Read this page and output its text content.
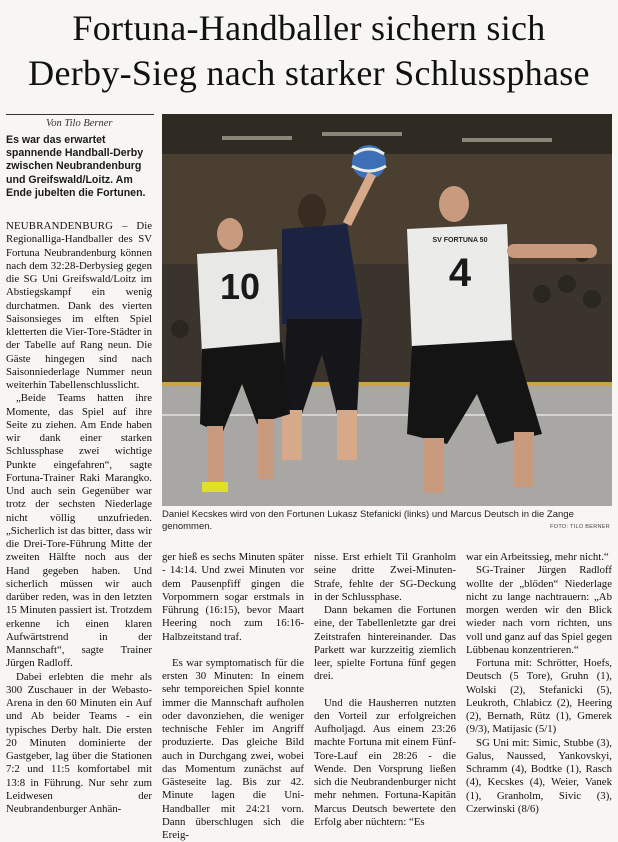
Fortuna-Handballer sichern sich
Derby-Sieg nach starker Schlussphase
Von Tilo Berner
Es war das erwartet spannende Handball-Derby zwischen Neubrandenburg und Greifswald/Loitz. Am Ende jubelten die Fortunen.
10	4
SV FORTUNA 50
Daniel Kecskes wird von den Fortunen Lukasz Stefanicki (links) und Marcus Deutsch in die Zange genommen.	FOTO: TILO BERNER

NEUBRANDENBURG – Die Regionalliga-Handballer des SV Fortuna Neubrandenburg können nach dem 32:28-Derbysieg gegen die SG Uni Greifswald/Loitz im Abstiegskampf ein wenig durchatmen. Dank des vierten Saisonsieges im elften Spiel kletterten die Vier-Tore-Städter in der Tabelle auf Rang neun. Die Gäste hingegen sind nach Saisonniederlage Nummer neun weiterhin Tabellenschlusslicht.

„Beide Teams hatten ihre Momente, das Spiel auf ihre Seite zu ziehen. Am Ende haben wir dank einer starken Schlussphase zwei wichtige Punkte eingefahren“, sagte Fortuna-Trainer Raki Marangko. Und auch sein Gegenüber war trotz der sechsten Niederlage nicht völlig unzufrieden. „Sicherlich ist das bitter, dass wir die Drei-Tore-Führung Mitte der zweiten Hälfte noch aus der Hand gegeben haben. Und sicherlich müssen wir auch darüber reden, was in den letzten 15 Minuten passiert ist. Trotzdem erkenne ich einen klaren Aufwärtstrend in der Mannschaft“, sagte Trainer Jürgen Radloff.

Dabei erlebten die mehr als 300 Zuschauer in der Webasto-Arena in den 60 Minuten ein Auf und Ab beider Teams - ein typisches Derby halt. Die ersten 20 Minuten dominierte der Gastgeber, lag über die Stationen 7:2 und 11:5 komfortabel mit 13:8 in Führung. Nur sehr zum Leidwesen der Neubrandenburger Anhän-

ger hieß es sechs Minuten später - 14:14. Und zwei Minuten vor dem Pausenpfiff gingen die Vorpommern sogar erstmals in Führung (16:15), bevor Maart Heering noch zum 16:16-Halbzeitstand traf.

Es war symptomatisch für die ersten 30 Minuten: In einem sehr temporeichen Spiel konnte immer die Mannschaft aufholen oder davonziehen, die weniger technische Fehler im Angriff produzierte. Das gleiche Bild auch in Durchgang zwei, wobei das Momentum zunächst auf Gästeseite lag. Bis zur 42. Minute lagen die Uni-Handballer mit 24:21 vorn. Dann überschlugen sich die Ereig-

nisse. Erst erhielt Til Granholm seine dritte Zwei-Minuten-Strafe, fehlte der SG-Deckung in der Schlussphase.

Dann bekamen die Fortunen eine, der Tabellenletzte gar drei Zeitstrafen hintereinander. Das Parkett war kurzzeitig ziemlich leer, spielte Fortuna fünf gegen drei.

Und die Hausherren nutzten den Vorteil zur erfolgreichen Aufholjagd. Aus einem 23:26 machte Fortuna mit einem Fünf-Tore-Lauf ein 28:26 - die Wende. Den Vorsprung ließen sich die Neubrandenburger nicht mehr nehmen. Fortuna-Kapitän Marcus Deutsch bewertete den Erfolg aber nüchtern: “Es

war ein Arbeitssieg, mehr nicht.“

SG-Trainer Jürgen Radloff wollte der „blöden“ Niederlage nicht zu lange nachtrauern: „Ab morgen werden wir den Blick wieder nach vorn richten, uns voll und ganz auf das Spiel gegen Lübbenau konzentrieren.“

Fortuna mit: Schrötter, Hoefs, Deutsch (5 Tore), Gruhn (1), Wolski (2), Stefanicki (5), Leukroth, Chlabicz (2), Heering (2), Bernath, Rütz (1), Gmerek (9/3), Matijasic (5/1)

SG Uni mit: Simic, Stubbe (3), Galus, Naussed, Yankovskyi, Schramm (4), Bodtke (1), Rasch (4), Kecskes (4), Weier, Vanek (1), Granholm, Sivic (3), Czerwinski (8/6)
